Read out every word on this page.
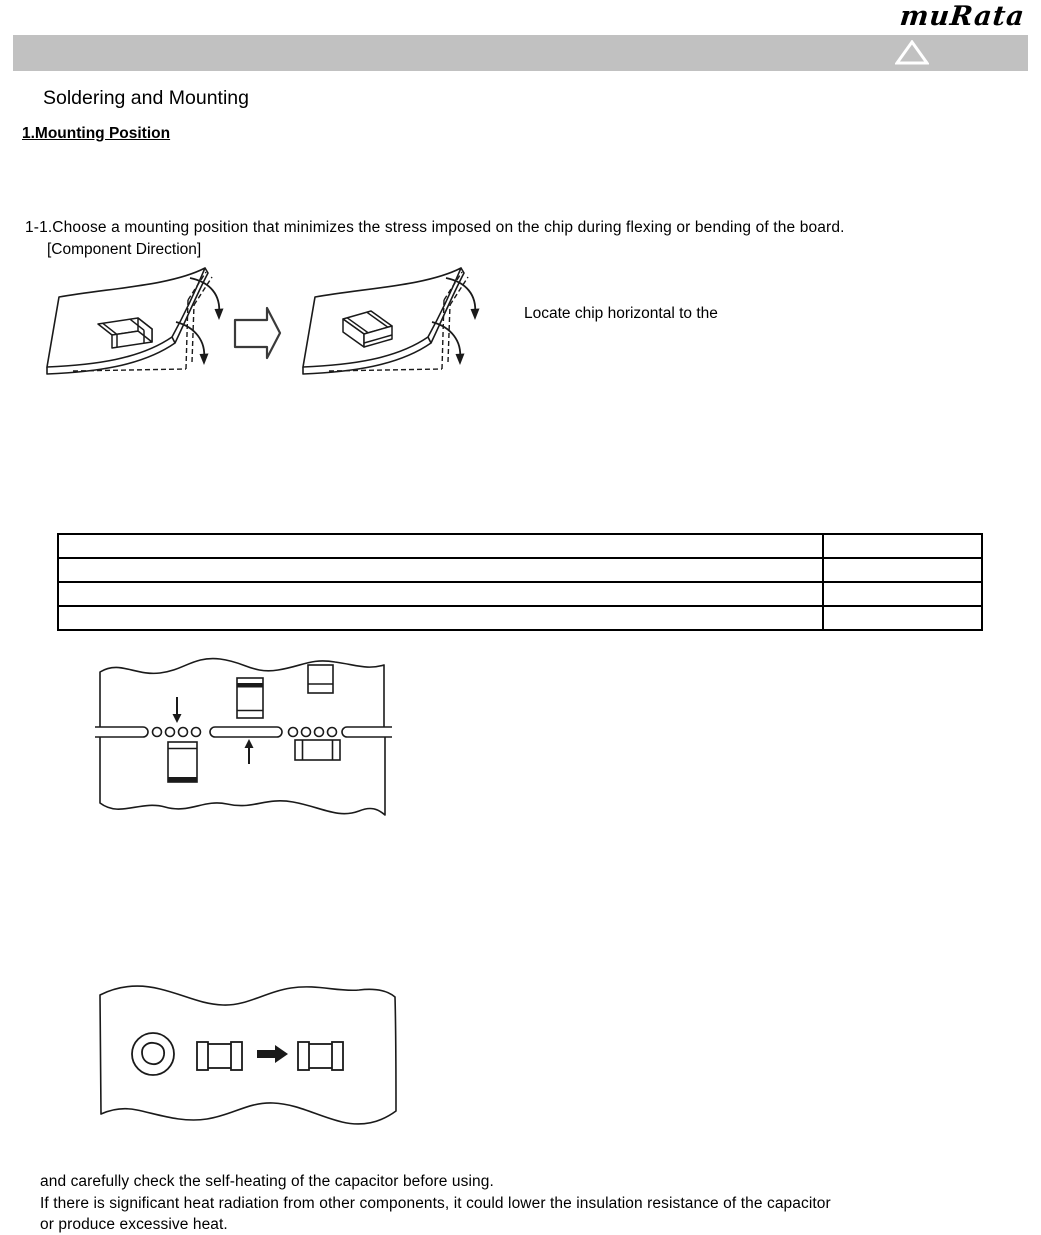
muRata
Soldering and Mounting
1.Mounting Position
1-1.Choose a mounting position that minimizes the stress imposed on the chip during flexing or bending of the board.
[Component Direction]
Locate chip horizontal to the

and carefully check the self-heating of the capacitor before using.
If there is significant heat radiation from other components, it could lower the insulation resistance of the capacitor
or produce excessive heat.
